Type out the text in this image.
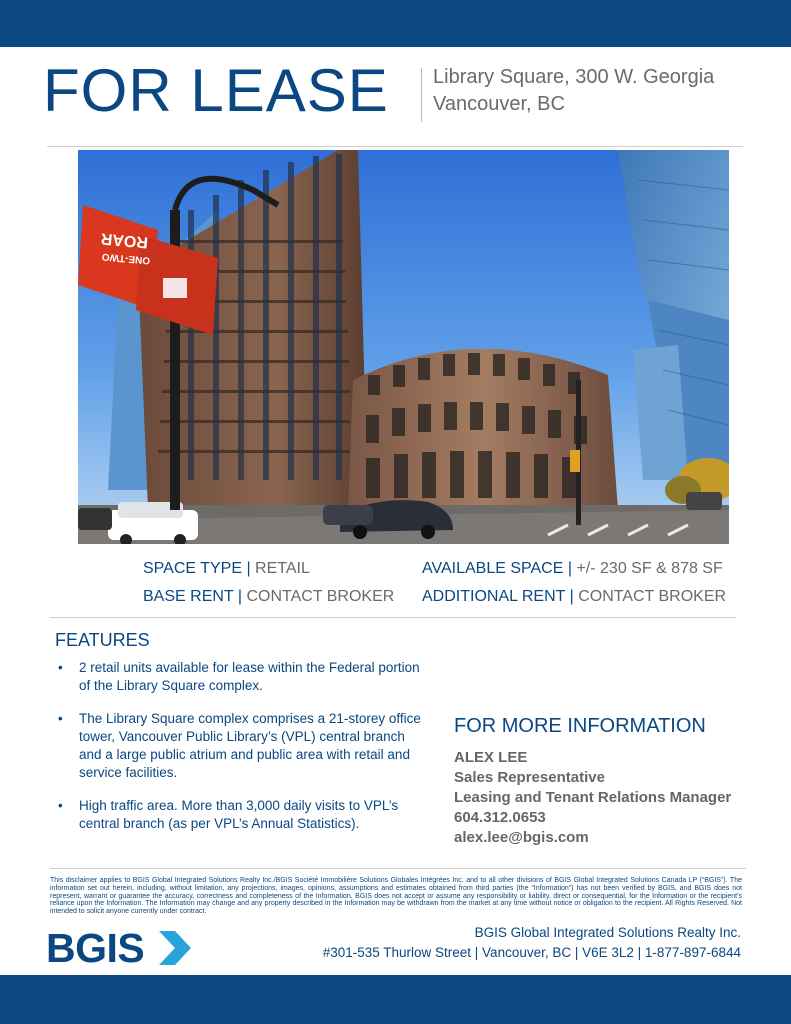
FOR LEASE Library Square, 300 W. Georgia
Vancouver, BC
ROAR
ONE-TWO
SPACE TYPE | RETAIL	AVAILABLE SPACE | +/- 230 SF & 878 SF
BASE RENT | CONTACT BROKER ADDITIONAL RENT | CONTACT BROKER
FEATURES
• 2 retail units available for lease within the Federal portion of the Library Square complex.
• The Library Square complex comprises a 21-storey office tower, Vancouver Public Library’s (VPL) central branch and a large public atrium and public area with retail and service facilities.
• High traffic area. More than 3,000 daily visits to VPL’s central branch (as per VPL’s Annual Statistics).
FOR MORE INFORMATION
ALEX LEE
Sales Representative
Leasing and Tenant Relations Manager
604.312.0653
alex.lee@bgis.com
This disclaimer applies to BGIS Global Integrated Solutions Realty Inc./BGIS Société Immobilière Solutions Globales Intégrées Inc. and to all other divisions of BGIS Global Integrated Solutions Canada LP (“BGIS”). The information set out herein, including, without limitation, any projections, images, opinions, assumptions and estimates obtained from third parties (the “Information”) has not been verified by BGIS, and BGIS does not represent, warrant or guarantee the accuracy, correctness and completeness of the Information. BGIS does not accept or assume any responsibility or liability, direct or consequential, for the Information or the recipient’s reliance upon the Information. The Information may change and any property described in the Information may be withdrawn from the market at any time without notice or obligation to the recipient. All Rights Reserved. Not intended to solicit anyone currently under contract.
BGIS	BGIS Global Integrated Solutions Realty Inc.
#301-535 Thurlow Street | Vancouver, BC | V6E 3L2 | 1-877-897-6844
